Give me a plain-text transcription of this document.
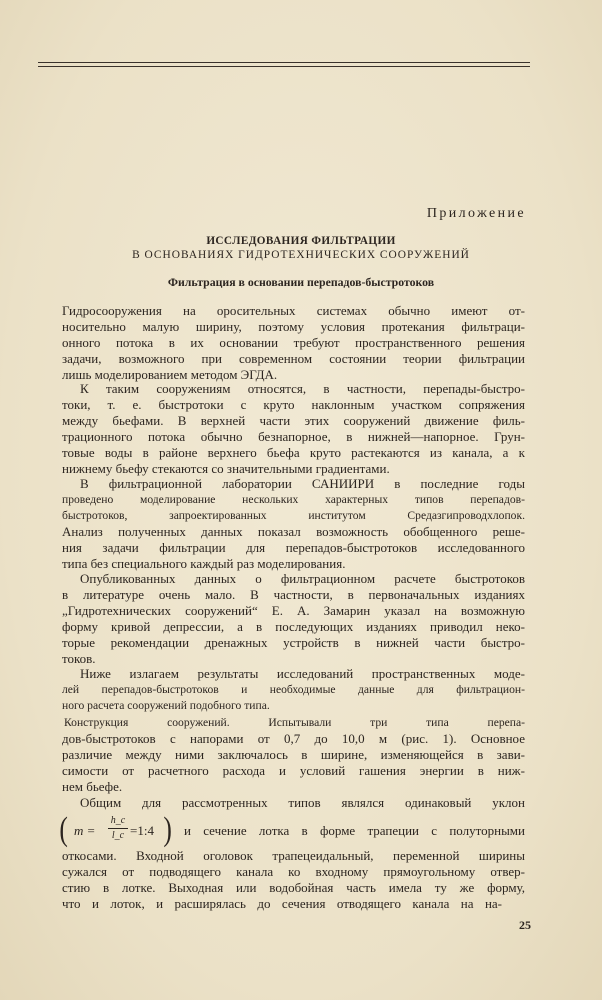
Приложение
ИССЛЕДОВАНИЯ ФИЛЬТРАЦИИ
В ОСНОВАНИЯХ ГИДРОТЕХНИЧЕСКИХ СООРУЖЕНИЙ
Фильтрация в основании перепадов-быстротоков
Гидросооружения на оросительных системах обычно имеют от-
носительно малую ширину, поэтому условия протекания фильтраци-
онного потока в их основании требуют пространственного решения
задачи, возможного при современном состоянии теории фильтрации
лишь моделированием методом ЭГДА.
К таким сооружениям относятся, в частности, перепады-быстро-
токи, т. е. быстротоки с круто наклонным участком сопряжения
между бьефами. В верхней части этих сооружений движение филь-
трационного потока обычно безнапорное, в нижней—напорное. Грун-
товые воды в районе верхнего бьефа круто растекаются из канала, а к
нижнему бьефу стекаются со значительными градиентами.
В фильтрационной лаборатории САНИИРИ в последние годы
проведено моделирование нескольких характерных типов перепадов-
быстротоков, запроектированных институтом Средазгипроводхлопок.
Анализ полученных данных показал возможность обобщенного реше-
ния задачи фильтрации для перепадов-быстротоков исследованного
типа без специального каждый раз моделирования.
Опубликованных данных о фильтрационном расчете быстротоков
в литературе очень мало. В частности, в первоначальных изданиях
„Гидротехнических сооружений“ Е. А. Замарин указал на возможную
форму кривой депрессии, а в последующих изданиях приводил неко-
торые рекомендации дренажных устройств в нижней части быстро-
токов.
Ниже излагаем результаты исследований пространственных моде-
лей перепадов-быстротоков и необходимые данные для фильтрацион-
ного расчета сооружений подобного типа.
Конструкция сооружений. Испытывали три типа перепа-
дов-быстротоков с напорами от 0,7 до 10,0 м (рис. 1). Основное
различие между ними заключалось в ширине, изменяющейся в зави-
симости от расчетного расхода и условий гашения энергии в ниж-
нем бьефе.
Общим для рассмотренных типов являлся одинаковый уклон
( $m = \frac{h\_c}{l\_c}$ =1:4 ) и сечение лотка в форме трапеции с полуторными
откосами. Входной оголовок трапецеидальный, переменной ширины
сужался от подводящего канала ко входному прямоугольному отвер-
стию в лотке. Выходная или водобойная часть имела ту же форму,
что и лоток, и расширялась до сечения отводящего канала на на-
25
